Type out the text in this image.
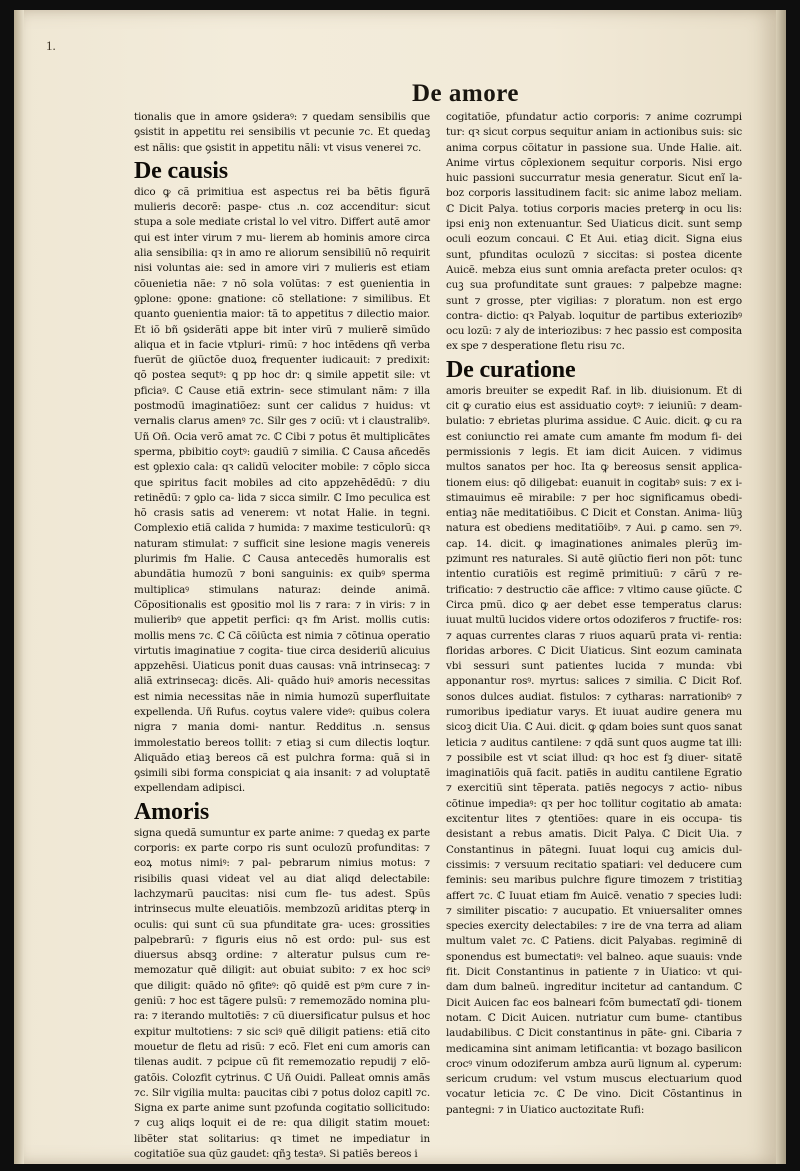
1.
De amore

tionalis que in amore ꝯsideraꝰ: ⁊ quedam sensibilis que ꝯsistit in appetitu rei sensibilis vt pecunie ⁊c. Et quedaꝫ est nãlis: que ꝯsistit in appetitu nãli: vt visus venerei ⁊c.

De causis

dico ꝙ cã primitiua est aspectus rei ba bẽtis figurã mulieris decorẽ: paspe- ctus .n. coz accenditur: sicut stupa a sole mediate cristal lo vel vitro. Differt autẽ amor qui est inter virum ⁊ mu- lierem ab hominis amore circa alia sensibilia: qꝛ in amo re aliorum sensibiliũ nõ requirit nisi voluntas aie: sed in amore viri ⁊ mulieris est etiam cõuenietia nãe: ⁊ nõ sola volũtas: ⁊ est ꝯuenientia in ꝯplone: ꝯpone: gnatione: cõ stellatione: ⁊ similibus. Et quanto ꝯuenientia maior: tã to appetitus ⁊ dilectio maior. Et iõ bñ ꝯsiderãti appe bit inter virũ ⁊ mulierẽ simũdo aliqua et in facie vtpluri- rimũ: ⁊ hoc intẽdens qñ verba fuerũt de ꝯiũctõe duoꝝ frequenter iudicauit: ⁊ predixit: qõ postea sequtꝰ: ꝗ pp hoc dr: ꝗ simile appetit sile: vt pficiaꝰ. ℂ Cause etiã extrin- sece stimulant nãm: ⁊ illa postmodũ imaginatiõez: sunt cer calidus ⁊ huidus: vt vernalis clarus amenꝰ ⁊c. Silr ges ⁊ ociũ: vt i claustralibꝰ. Uñ Oñ. Ocia verõ amat ⁊c. ℂ Cibi ⁊ potus ẽt multiplicãtes sperma, pbibitio coytꝰ: gaudiũ ⁊ similia. ℂ Causa añcedẽs est ꝯplexio cala: qꝛ calidũ velociter mobile: ⁊ cõplo sicca que spiritus facit mobiles ad cito appzehẽdẽdũ: ⁊ diu retinẽdũ: ⁊ ꝯplo ca- lida ⁊ sicca similr. ℂ Imo peculica est hõ crasis satis ad venerem: vt notat Halie. in tegni. Complexio etiã calida ⁊ humida: ⁊ maxime testiculorũ: qꝛ naturam stimulat: ⁊ sufficit sine lesione magis venereis plurimis fm Halie. ℂ Causa antecedẽs humoralis est abundãtia humozũ ⁊ boni sanguinis: ex quibꝰ sperma multiplicaꝰ stimulans naturaz: deinde animã. Cõpositionalis est ꝯpositio mol lis ⁊ rara: ⁊ in viris: ⁊ in mulieribꝰ que appetit perfici: qꝛ fm Arist. mollis cutis: mollis mens ⁊c. ℂ Cã cõiũcta est nimia ⁊ cõtinua operatio virtutis imaginatiue ⁊ cogita- tiue circa desideriũ alicuius appzehẽsi. Uiaticus ponit duas causas: vnã intrinsecaꝫ: ⁊ aliã extrinsecaꝫ: dicẽs. Ali- quãdo huiꝰ amoris necessitas est nimia necessitas nãe in nimia humozũ superfluitate expellenda. Uñ Rufus. coytus valere videꝰ: quibus colera nigra ⁊ mania domi- nantur. Redditus .n. sensus immolestatio bereos tollit: ⁊ etiaꝫ si cum dilectis loqtur. Aliquãdo etiaꝫ bereos cã est pulchra forma: quã si in ꝯsimili sibi forma conspiciat ꝗ aia insanit: ⁊ ad voluptatẽ expellendam adipisci.

Amoris

signa quedã sumuntur ex parte anime: ⁊ quedaꝫ ex parte corporis: ex parte corpo ris sunt oculozũ profunditas: ⁊ eoꝝ motus nimiꝰ: ⁊ pal- pebrarum nimius motus: ⁊ risibilis quasi videat vel au diat aliqd delectabile: lachzymarũ paucitas: nisi cum fle- tus adest. Spũs intrinsecus multe eleuatiõis. membzozũ ariditas pterꝙ in oculis: qui sunt cũ sua pfunditate gra- uces: grossities palpebrarũ: ⁊ figuris eius nõ est ordo: pul- sus est diuersus absqꝫ ordine: ⁊ alteratur pulsus cum re- memozatur quẽ diligit: aut obuiat subito: ⁊ ex hoc sciꝰ que diligit: quãdo nõ ꝯfiteꝰ: qõ quidẽ est pꝰm cure ⁊ in- geniũ: ⁊ hoc est tãgere pulsũ: ⁊ rememozãdo nomina plu- ra: ⁊ iterando multotiẽs: ⁊ cũ diuersificatur pulsus et hoc expitur multotiens: ⁊ sic sciꝰ quẽ diligit patiens: etiã cito mouetur de fletu ad risũ: ⁊ ecõ. Flet eni cum amoris can tilenas audit. ⁊ pcipue cũ fit rememozatio repudij ⁊ elõ- gatõis. Colozfit cytrinus. ℂ Uñ Ouidi. Palleat omnis amãs ⁊c. Silr vigilia multa: paucitas cibi ⁊ potus doloz capitl ⁊c. Signa ex parte anime sunt pzofunda cogitatio sollicitudo: ⁊ cuꝫ aliqs loquit ei de re: qua diligit statim mouet: libẽter stat solitarius: qꝛ timet ne impediatur in cogitatiõe sua qũz gaudet: qñꝫ testaꝰ. Si patiẽs bereos i

cogitatiõe, pfundatur actio corporis: ⁊ anime cozrumpi tur: qꝛ sicut corpus sequitur aniam in actionibus suis: sic anima corpus cõitatur in passione sua. Unde Halie. ait. Anime virtus cõplexionem sequitur corporis. Nisi ergo huic passioni succurratur mesia generatur. Sicut enĩ la- boz corporis lassitudinem facit: sic anime laboz meliam. ℂ Dicit Palya. totius corporis macies preterꝙ in ocu lis: ipsi eniꝫ non extenuantur. Sed Uiaticus dicit. sunt semp oculi eozum concaui. ℂ Et Aui. etiaꝫ dicit. Signa eius sunt, pfunditas oculozũ ⁊ siccitas: si postea dicente Auicẽ. mebza eius sunt omnia arefacta preter oculos: qꝛ cuꝫ sua profunditate sunt graues: ⁊ palpebze magne: sunt ⁊ grosse, pter vigilias: ⁊ ploratum. non est ergo contra- dictio: qꝛ Palyab. loquitur de partibus exteriozibꝰ ocu lozũ: ⁊ aly de interiozibus: ⁊ hec passio est composita ex spe ⁊ desperatione fletu risu ⁊c.

De curatione

amoris breuiter se expedit Raf. in lib. diuisionum. Et di cit ꝙ curatio eius est assiduatio coytꝰ: ⁊ ieiuniũ: ⁊ deam- bulatio: ⁊ ebrietas plurima assidue. ℂ Auic. dicit. ꝙ cu ra est coniunctio rei amate cum amante fm modum fi- dei permissionis ⁊ legis. Et iam dicit Auicen. ⁊ vidimus multos sanatos per hoc. Ita ꝙ bereosus sensit applica- tionem eius: qõ diligebat: euanuit in cogitabꝰ suis: ⁊ ex i- stimauimus eẽ mirabile: ⁊ per hoc significamus obedi- entiaꝫ nãe meditatiõibus. ℂ Dicit et Constan. Anima- liũꝫ natura est obediens meditatiõibꝰ. ⁊ Aui. ꝑ camo. sen ⁊ꝰ. cap. 14. dicit. ꝙ imaginationes animales plerũꝫ im- pzimunt res naturales. Si autẽ ꝯiũctio fieri non põt: tunc intentio curatiõis est regimẽ primitiuũ: ⁊ cãrũ ⁊ re- trificatio: ⁊ destructio cãe affice: ⁊ vltimo cause ꝯiũcte. ℂ Circa pmũ. dico ꝙ aer debet esse temperatus clarus: iuuat multũ lucidos videre ortos odoziferos ⁊ fructife- ros: ⁊ aquas currentes claras ⁊ riuos aquarũ prata vi- rentia: floridas arbores. ℂ Dicit Uiaticus. Sint eozum caminata vbi sessuri sunt patientes lucida ⁊ munda: vbi apponantur rosꝰ. myrtus: salices ⁊ similia. ℂ Dicit Rof. sonos dulces audiat. fistulos: ⁊ cytharas: narrationibꝰ ⁊ rumoribus ipediatur varys. Et iuuat audire genera mu sicoꝫ dicit Uia. ℂ Aui. dicit. ꝙ qdam boies sunt quos sanat leticia ⁊ auditus cantilene: ⁊ qdã sunt quos augme tat illi: ⁊ possibile est vt sciat illud: qꝛ hoc est fꝫ diuer- sitatẽ imaginatiõis quã facit. patiẽs in auditu cantilene Egratio ⁊ exercitiũ sint tẽperata. patiẽs negocys ⁊ actio- nibus cõtinue impediaꝰ: qꝛ per hoc tollitur cogitatio ab amata: excitentur lites ⁊ ꝯtentiões: quare in eis occupa- tis desistant a rebus amatis. Dicit Palya. ℂ Dicit Uia. ⁊ Constantinus in pãtegni. Iuuat loqui cuꝫ amicis dul- cissimis: ⁊ versuum recitatio spatiari: vel deducere cum feminis: seu maribus pulchre figure timozem ⁊ tristitiaꝫ affert ⁊c. ℂ Iuuat etiam fm Auicẽ. venatio ⁊ species ludi: ⁊ similiter piscatio: ⁊ aucupatio. Et vniuersaliter omnes species exercity delectabiles: ⁊ ire de vna terra ad aliam multum valet ⁊c. ℂ Patiens. dicit Palyabas. regiminẽ di sponendus est bumectatiꝰ: vel balneo. aque suauis: vnde fit. Dicit Constantinus in patiente ⁊ in Uiatico: vt qui- dam dum balneũ. ingreditur incitetur ad cantandum. ℂ Dicit Auicen fac eos balneari fcõm bumectatĩ ꝯdi- tionem notam. ℂ Dicit Auicen. nutriatur cum bume- ctantibus laudabilibus. ℂ Dicit constantinus in pãte- gni. Cibaria ⁊ medicamina sint animam letificantia: vt bozago basilicon crocꝰ vinum odoziferum ambza aurũ lignum al. cyperum: sericum crudum: vel vstum muscus electuarium quod vocatur leticia ⁊c. ℂ De vino. Dicit Cõstantinus in pantegni: ⁊ in Uiatico auctozitate Rufi:
